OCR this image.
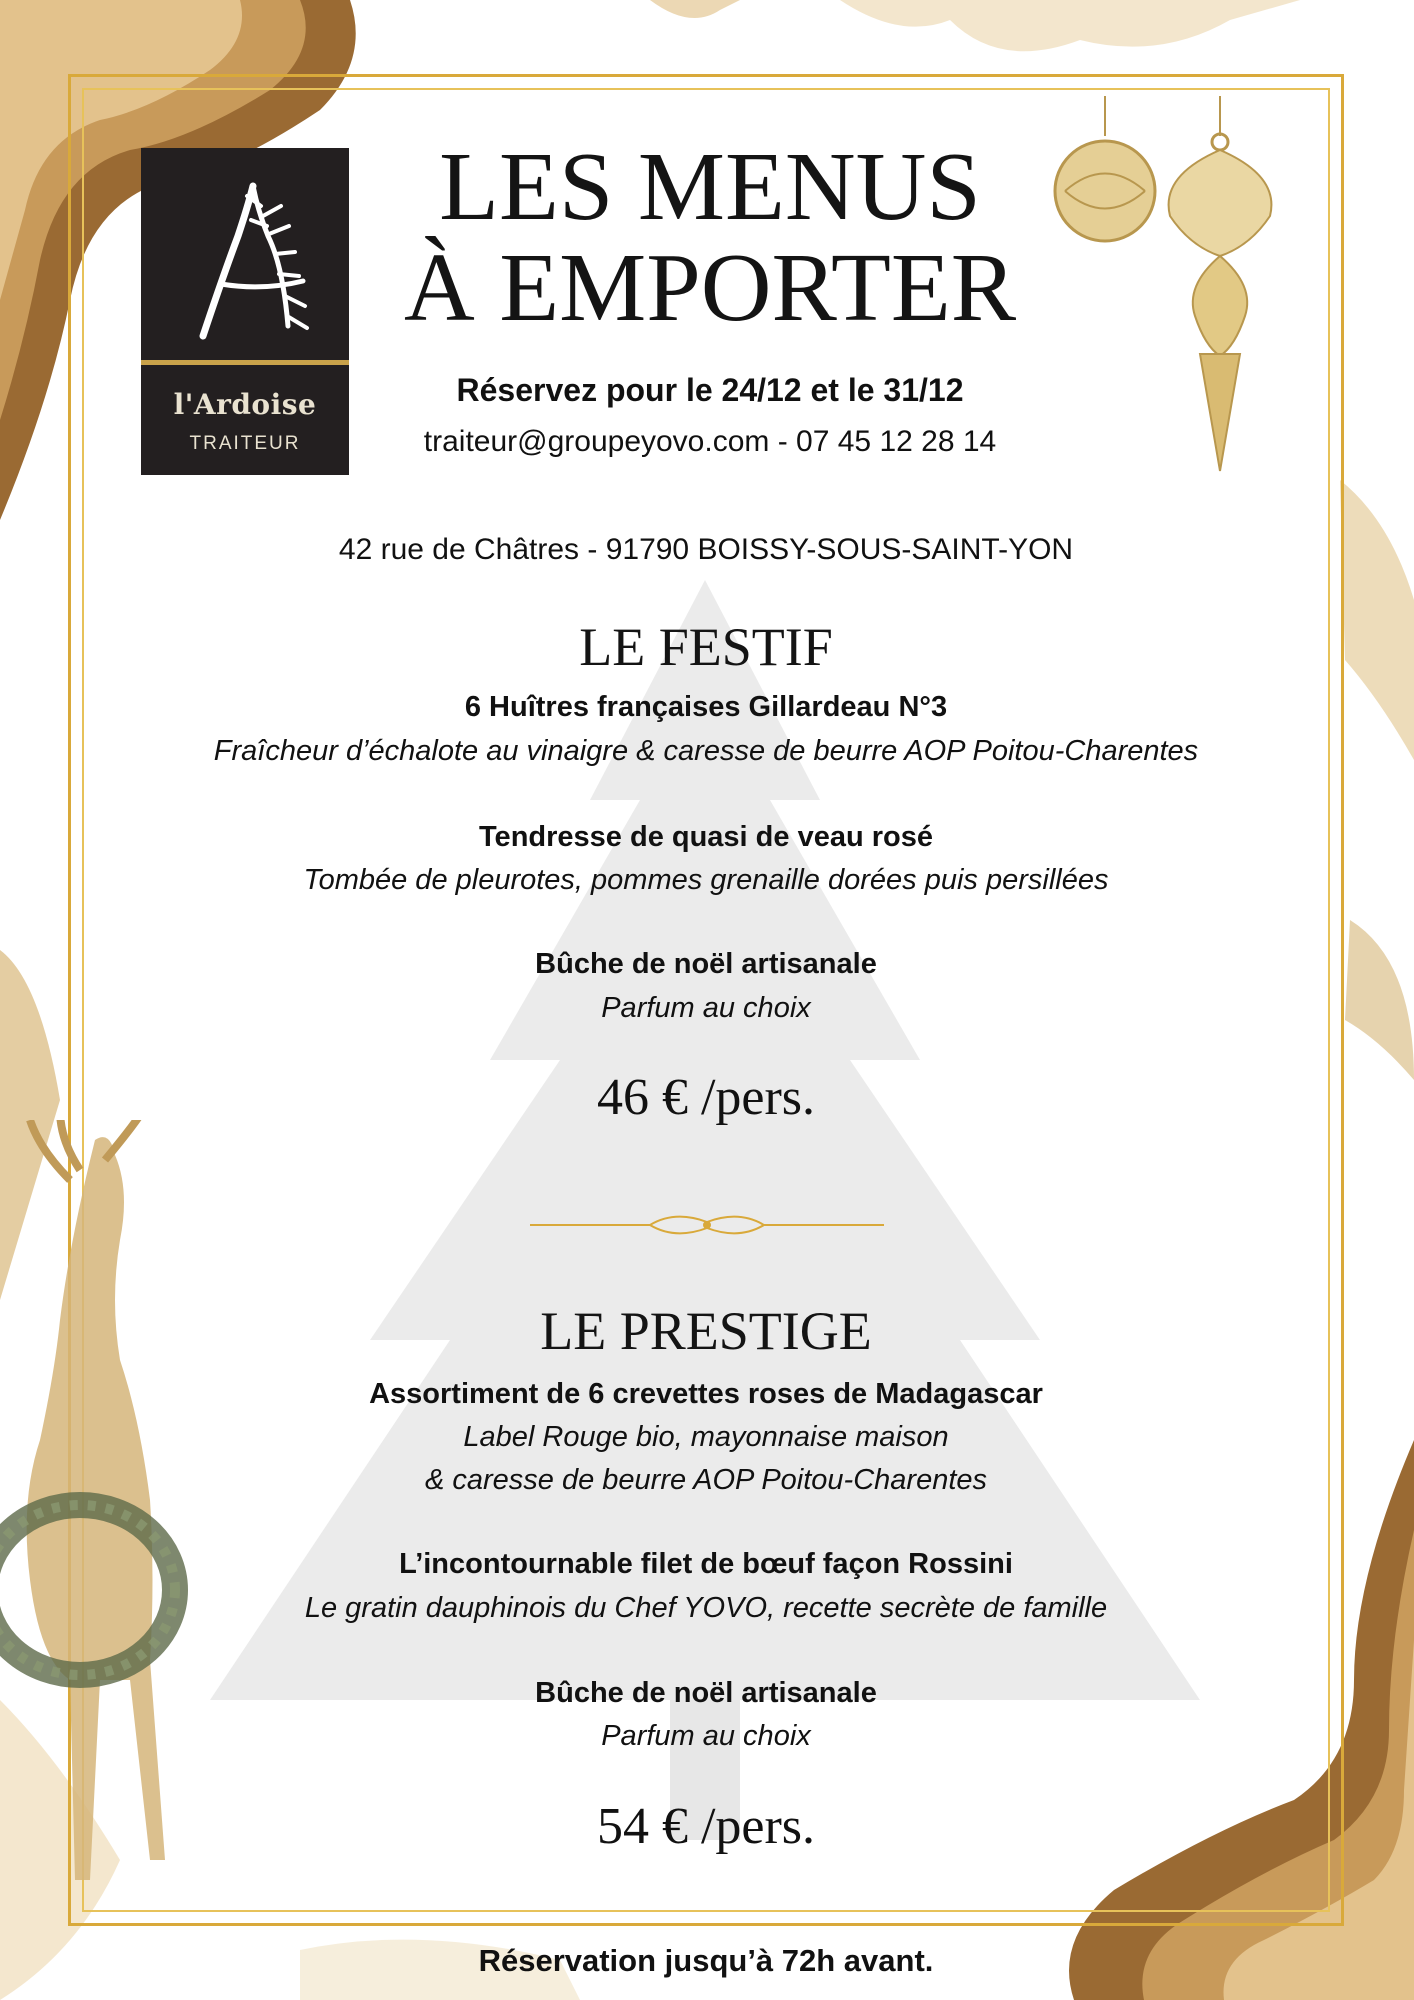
l'Ardoise
TRAITEUR
LES MENUS
À EMPORTER
Réservez pour le 24/12 et le 31/12
traiteur@groupeyovo.com - 07 45 12 28 14
42 rue de Châtres - 91790 BOISSY-SOUS-SAINT-YON
LE FESTIF
6 Huîtres françaises Gillardeau N°3
Fraîcheur d’échalote au vinaigre & caresse de beurre AOP Poitou-Charentes
Tendresse de quasi de veau rosé
Tombée de pleurotes, pommes grenaille dorées puis persillées
Bûche de noël artisanale
Parfum au choix
46 € /pers.
LE PRESTIGE
Assortiment de 6 crevettes roses de Madagascar
Label Rouge bio, mayonnaise maison
& caresse de beurre AOP Poitou-Charentes
L’incontournable filet de bœuf façon Rossini
Le gratin dauphinois du Chef YOVO, recette secrète de famille
Bûche de noël artisanale
Parfum au choix
54 € /pers.
Réservation jusqu’à 72h avant.
